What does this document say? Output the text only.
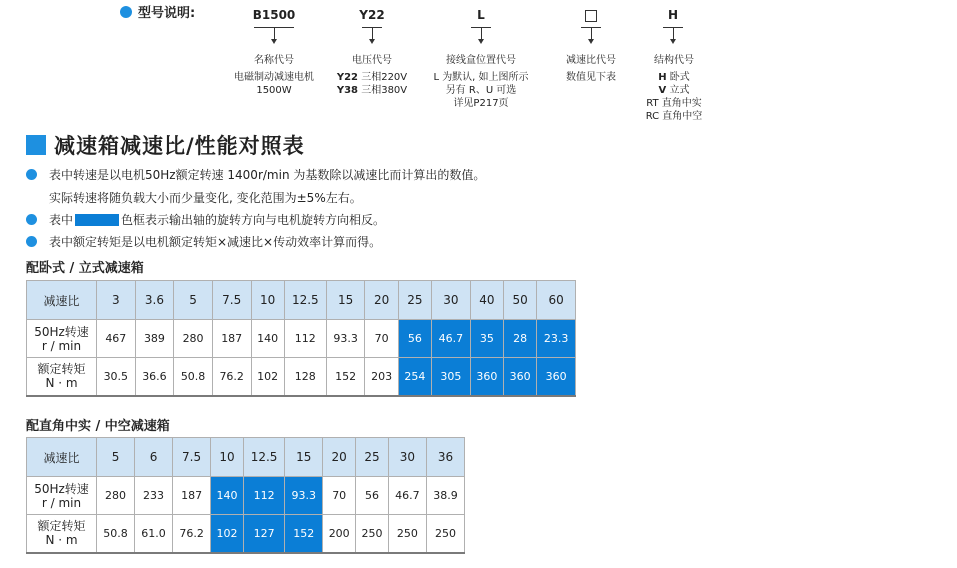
型号说明:	B1500	Y22	L	H
名称代号
电磁制动减速电机
1500W
电压代号
Y22 三相220V
Y38 三相380V
接线盒位置代号
L 为默认, 如上图所示
另有 R、U 可选
详见P217页
减速比代号
数值见下表
结构代号
H 卧式
V 立式
RT 直角中实
RC 直角中空
减速箱减速比/性能对照表
表中转速是以电机50Hz额定转速 1400r/min 为基数除以减速比而计算出的数值。
实际转速将随负载大小而少量变化, 变化范围为±5%左右。
表中	色框表示输出轴的旋转方向与电机旋转方向相反。
表中额定转矩是以电机额定转矩×减速比×传动效率计算而得。
配卧式 / 立式减速箱
减速比	3	3.6	5	7.5	10	12.5	15	20	25	30	40	50	60

50Hz转速
r / min	467	389	280	187	140	112	93.3	70	56	46.7	35	28	23.3

额定转矩
N · m	30.5	36.6	50.8	76.2	102	128	152	203	254	305	360	360	360
配直角中实 / 中空减速箱
减速比	5	6	7.5	10	12.5	15	20	25	30	36

50Hz转速
r / min	280	233	187	140	112	93.3	70	56	46.7	38.9

额定转矩
N · m	50.8	61.0	76.2	102	127	152	200	250	250	250
